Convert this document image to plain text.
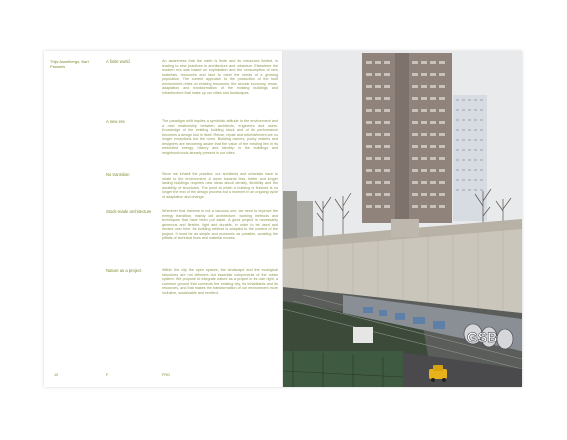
Thijs Asselbergs, Bart Pauwels
A finite world	An awareness that the earth is finite and its resources limited, is leading to new practices in architecture and urbanism. Elsewhere the modern era was based on exploitation and the consumption of new materials, resources and land to meet the needs of a growing population. The current approach to the production of the built environment relies on existing resources: the circular economy, reuse, adaptation and transformation of the existing buildings and infrastructure that make up our cities and landscapes.
A new era	The paradigm shift implies a symbiotic attitude to the environment and a new relationship between architects, engineers and users. Knowledge of the existing building stock and of its performance becomes a design tool in itself. Reuse, repair and refurbishment are no longer exceptions but the norm. Building owners, policy makers and designers are becoming aware that the value of the existing lies in its embodied energy, history and identity; in the buildings and neighbourhoods already present in our cities.
No transition	Since we inhabit the practice, our architects and urbanists have to relate to the environment. A move towards less, better and longer lasting buildings requires new ideas about density, flexibility and the durability of structures. The point at which a building is finished is no longer the end of the design process but a moment in an ongoing cycle of adaptation and change.
Stock-made architecture	Wherever that traverse is not a vacuous one, we need to improve the energy transition, mainly old architecture, working methods and techniques that have been put aside. A good project is necessarily generous and flexible, light and durable, in order to be used and reused over time. Its building method is adapted to the context of the project. It must be as simple and economic as possible, avoiding the pitfalls of technical fixes and material excess.
Nature as a project	Within the city the open spaces, the landscape and the ecological structures are not leftovers but essential components of the urban system. We propose to integrate nature as a project in its own right, a common ground that connects the existing city, its inhabitants and its resources, and that makes the transformation of our environment more inclusive, sustainable and resilient.
10	F	FRG
GSB
